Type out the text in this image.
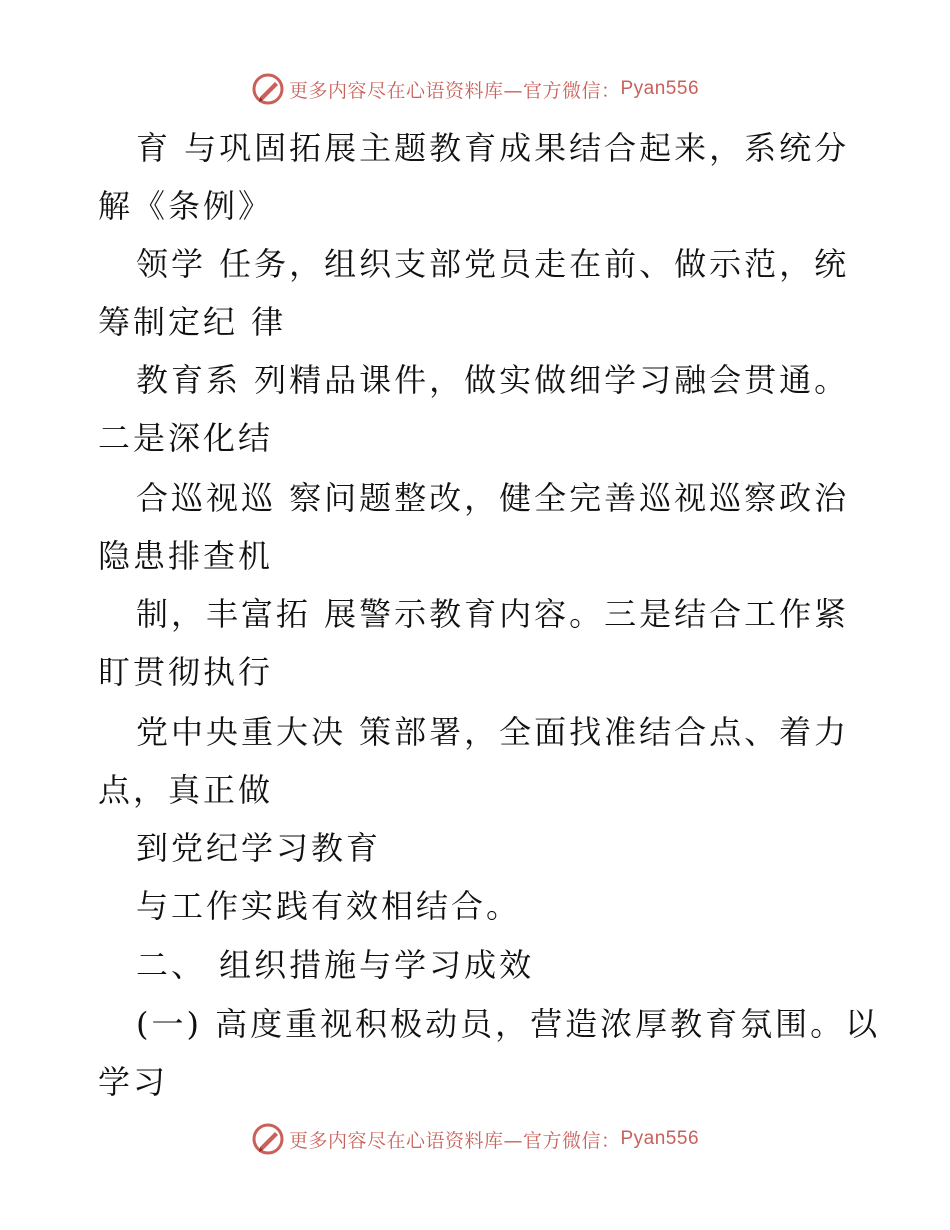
更多内容尽在心语资料库—官方微信： Pyan556
育 与巩固拓展主题教育成果结合起来，系统分
解《条例》
领学 任务，组织支部党员走在前、做示范，统
筹制定纪 律
教育系 列精品课件，做实做细学习融会贯通。
二是深化结
合巡视巡 察问题整改，健全完善巡视巡察政治
隐患排查机
制，丰富拓 展警示教育内容。三是结合工作紧
盯贯彻执行
党中央重大决 策部署，全面找准结合点、着力
点，真正做
到党纪学习教育
与工作实践有效相结合。
二、 组织措施与学习成效
(一) 高度重视积极动员，营造浓厚教育氛围。以
学习
更多内容尽在心语资料库—官方微信： Pyan556
